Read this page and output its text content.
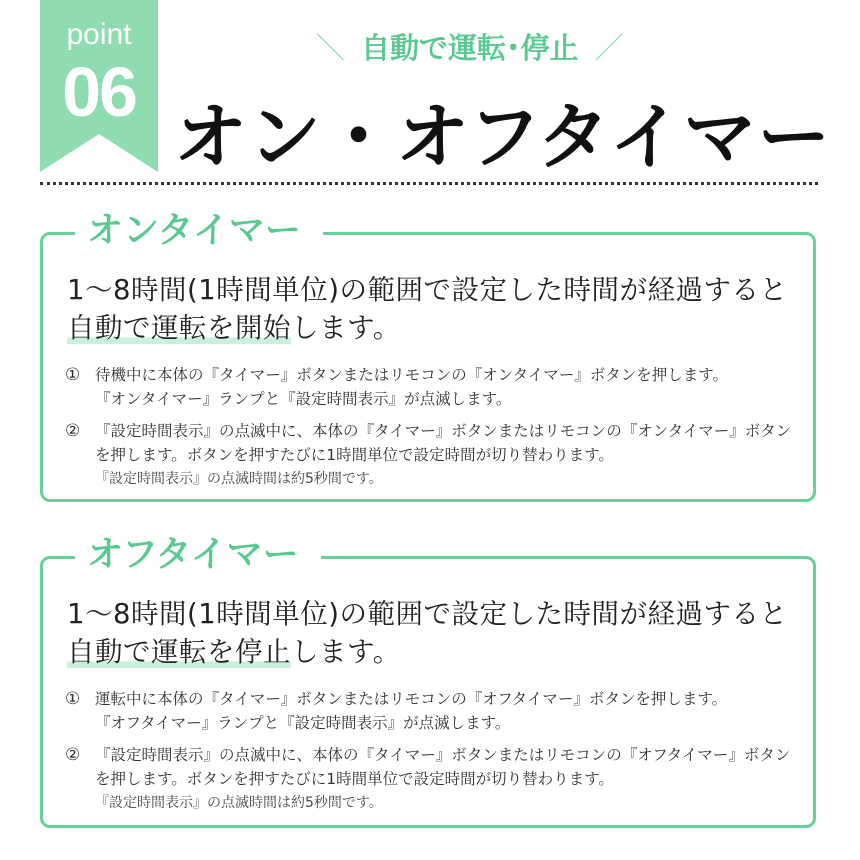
point
06
＼ 自動で運転･停止 ／
オン・オフタイマー
オンタイマー
1～8時間(1時間単位)の範囲で設定した時間が経過すると
自動で運転を開始します。
① 待機中に本体の『タイマー』ボタンまたはリモコンの『オンタイマー』ボタンを押します。
『オンタイマー』ランプと『設定時間表示』が点滅します。
② 『設定時間表示』の点滅中に、本体の『タイマー』ボタンまたはリモコンの『オンタイマー』ボタン
を押します。ボタンを押すたびに1時間単位で設定時間が切り替わります。
『設定時間表示』の点滅時間は約5秒間です。
オフタイマー
1～8時間(1時間単位)の範囲で設定した時間が経過すると
自動で運転を停止します。
① 運転中に本体の『タイマー』ボタンまたはリモコンの『オフタイマー』ボタンを押します。
『オフタイマー』ランプと『設定時間表示』が点滅します。
② 『設定時間表示』の点滅中に、本体の『タイマー』ボタンまたはリモコンの『オフタイマー』ボタン
を押します。ボタンを押すたびに1時間単位で設定時間が切り替わります。
『設定時間表示』の点滅時間は約5秒間です。
